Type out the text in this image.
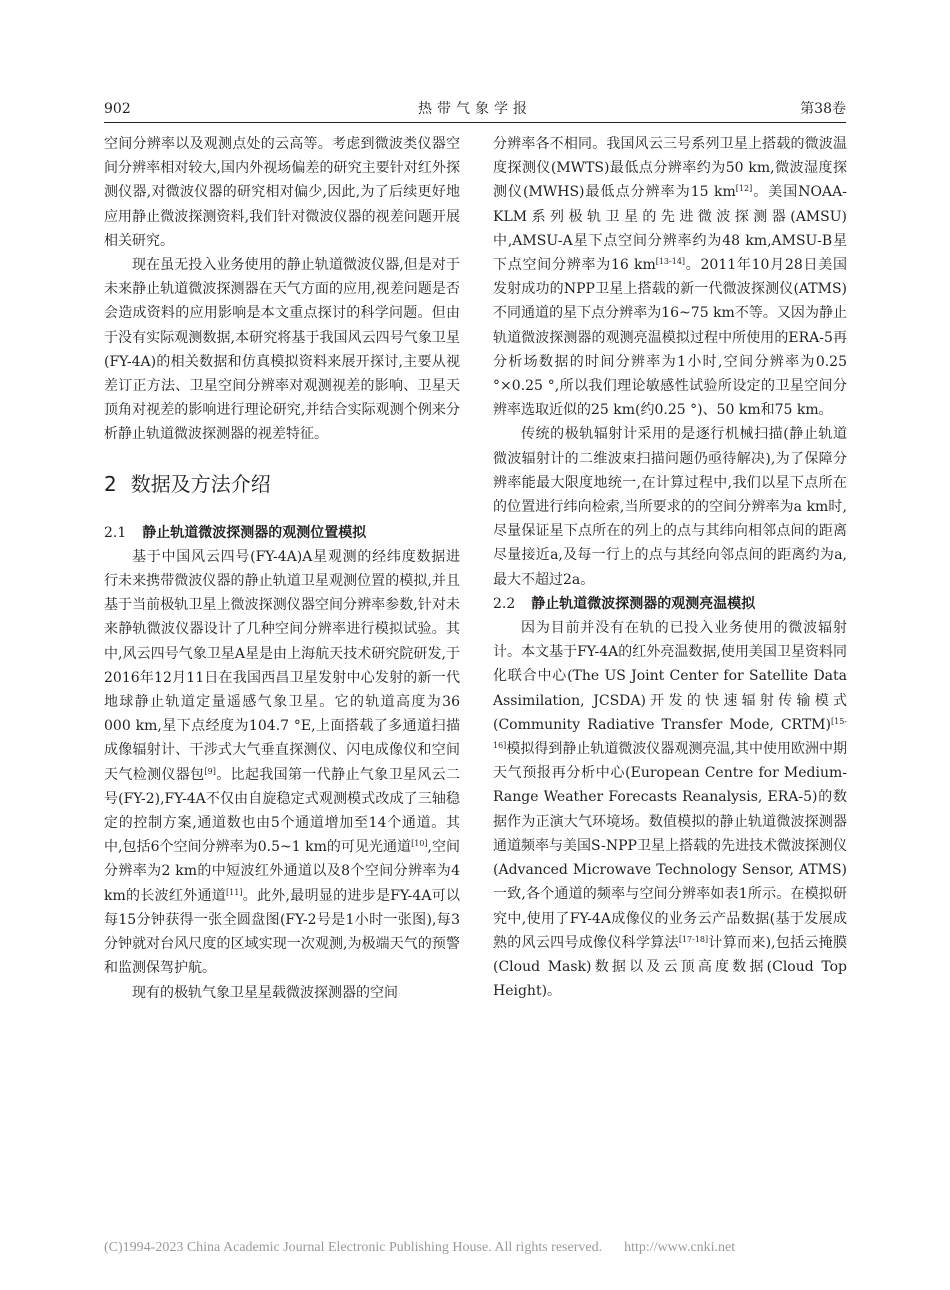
902	热带气象学报	第38卷

空间分辨率以及观测点处的云高等。考虑到微波类仪器空间分辨率相对较大,国内外视场偏差的研究主要针对红外探测仪器,对微波仪器的研究相对偏少,因此,为了后续更好地应用静止微波探测资料,我们针对微波仪器的视差问题开展相关研究。

现在虽无投入业务使用的静止轨道微波仪器,但是对于未来静止轨道微波探测器在天气方面的应用,视差问题是否会造成资料的应用影响是本文重点探讨的科学问题。但由于没有实际观测数据,本研究将基于我国风云四号气象卫星(FY-4A)的相关数据和仿真模拟资料来展开探讨,主要从视差订正方法、卫星空间分辨率对观测视差的影响、卫星天顶角对视差的影响进行理论研究,并结合实际观测个例来分析静止轨道微波探测器的视差特征。

2 数据及方法介绍
2.1 静止轨道微波探测器的观测位置模拟

基于中国风云四号(FY-4A)A星观测的经纬度数据进行未来携带微波仪器的静止轨道卫星观测位置的模拟,并且基于当前极轨卫星上微波探测仪器空间分辨率参数,针对未来静轨微波仪器设计了几种空间分辨率进行模拟试验。其中,风云四号气象卫星A星是由上海航天技术研究院研发,于2016年12月11日在我国西昌卫星发射中心发射的新一代地球静止轨道定量遥感气象卫星。它的轨道高度为36 000 km,星下点经度为104.7 °E,上面搭载了多通道扫描成像辐射计、干涉式大气垂直探测仪、闪电成像仪和空间天气检测仪器包[9]。比起我国第一代静止气象卫星风云二号(FY-2),FY-4A不仅由自旋稳定式观测模式改成了三轴稳定的控制方案,通道数也由5个通道增加至14个通道。其中,包括6个空间分辨率为0.5~1 km的可见光通道[10],空间分辨率为2 km的中短波红外通道以及8个空间分辨率为4 km的长波红外通道[11]。此外,最明显的进步是FY-4A可以每15分钟获得一张全圆盘图(FY-2号是1小时一张图),每3分钟就对台风尺度的区域实现一次观测,为极端天气的预警和监测保驾护航。

现有的极轨气象卫星星载微波探测器的空间

分辨率各不相同。我国风云三号系列卫星上搭载的微波温度探测仪(MWTS)最低点分辨率约为50 km,微波湿度探测仪(MWHS)最低点分辨率为15 km[12]。美国NOAA-KLM系列极轨卫星的先进微波探测器(AMSU)中,AMSU-A星下点空间分辨率约为48 km,AMSU-B星下点空间分辨率为16 km[13-14]。2011年10月28日美国发射成功的NPP卫星上搭载的新一代微波探测仪(ATMS)不同通道的星下点分辨率为16~75 km不等。又因为静止轨道微波探测器的观测亮温模拟过程中所使用的ERA-5再分析场数据的时间分辨率为1小时,空间分辨率为0.25 °×0.25 °,所以我们理论敏感性试验所设定的卫星空间分辨率选取近似的25 km(约0.25 °)、50 km和75 km。

传统的极轨辐射计采用的是逐行机械扫描(静止轨道微波辐射计的二维波束扫描问题仍亟待解决),为了保障分辨率能最大限度地统一,在计算过程中,我们以星下点所在的位置进行纬向检索,当所要求的的空间分辨率为a km时,尽量保证星下点所在的列上的点与其纬向相邻点间的距离尽量接近a,及每一行上的点与其经向邻点间的距离约为a,最大不超过2a。

2.2 静止轨道微波探测器的观测亮温模拟

因为目前并没有在轨的已投入业务使用的微波辐射计。本文基于FY-4A的红外亮温数据,使用美国卫星资料同化联合中心(The US Joint Center for Satellite Data Assimilation, JCSDA)开发的快速辐射传输模式(Community Radiative Transfer Mode, CRTM)[15-16]模拟得到静止轨道微波仪器观测亮温,其中使用欧洲中期天气预报再分析中心(European Centre for Medium-Range Weather Forecasts Reanalysis, ERA-5)的数据作为正演大气环境场。数值模拟的静止轨道微波探测器通道频率与美国S-NPP卫星上搭载的先进技术微波探测仪(Advanced Microwave Technology Sensor, ATMS)一致,各个通道的频率与空间分辨率如表1所示。在模拟研究中,使用了FY-4A成像仪的业务云产品数据(基于发展成熟的风云四号成像仪科学算法[17-18]计算而来),包括云掩膜(Cloud Mask)数据以及云顶高度数据(Cloud Top Height)。

(C)1994-2023 China Academic Journal Electronic Publishing House. All rights reserved. http://www.cnki.net
